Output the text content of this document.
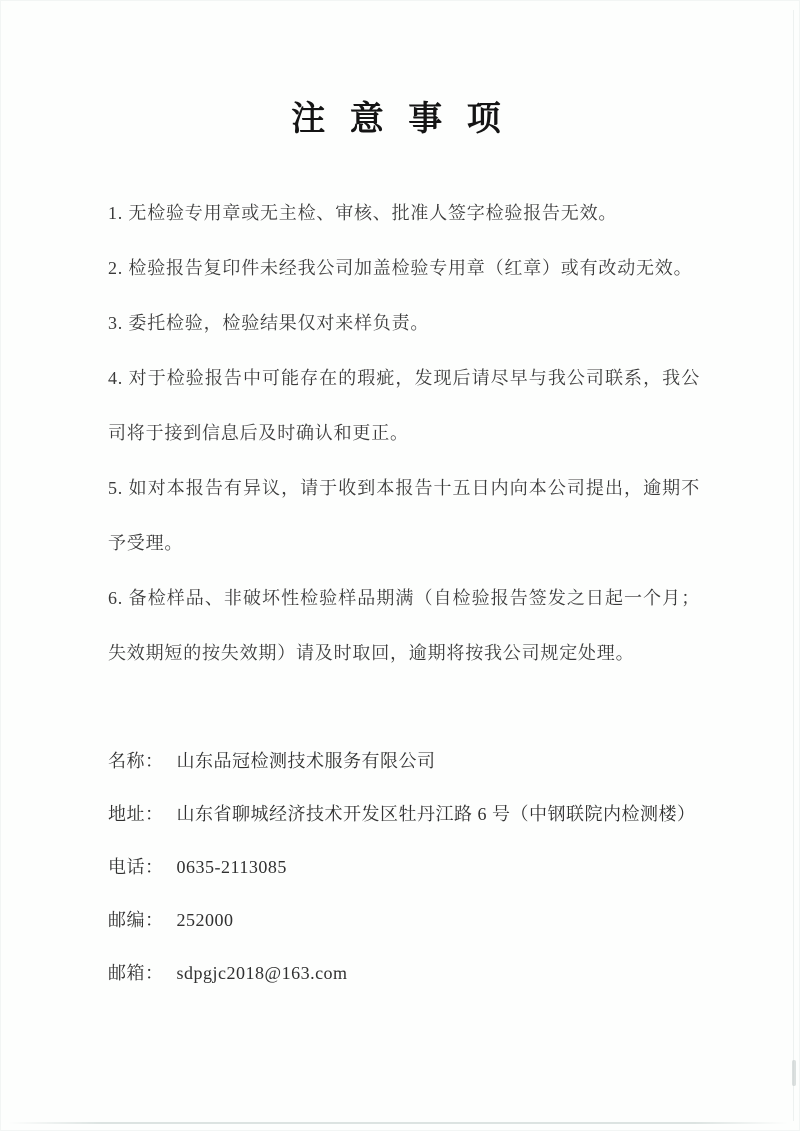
注 意 事 项

1. 无检验专用章或无主检、审核、批准人签字检验报告无效。

2. 检验报告复印件未经我公司加盖检验专用章（红章）或有改动无效。

3. 委托检验，检验结果仅对来样负责。

4. 对于检验报告中可能存在的瑕疵，发现后请尽早与我公司联系，我公司将于接到信息后及时确认和更正。

5. 如对本报告有异议，请于收到本报告十五日内向本公司提出，逾期不予受理。

6. 备检样品、非破坏性检验样品期满（自检验报告签发之日起一个月；失效期短的按失效期）请及时取回，逾期将按我公司规定处理。

名称： 山东品冠检测技术服务有限公司

地址： 山东省聊城经济技术开发区牡丹江路 6 号（中钢联院内检测楼）

电话： 0635-2113085

邮编： 252000

邮箱： sdpgjc2018@163.com
